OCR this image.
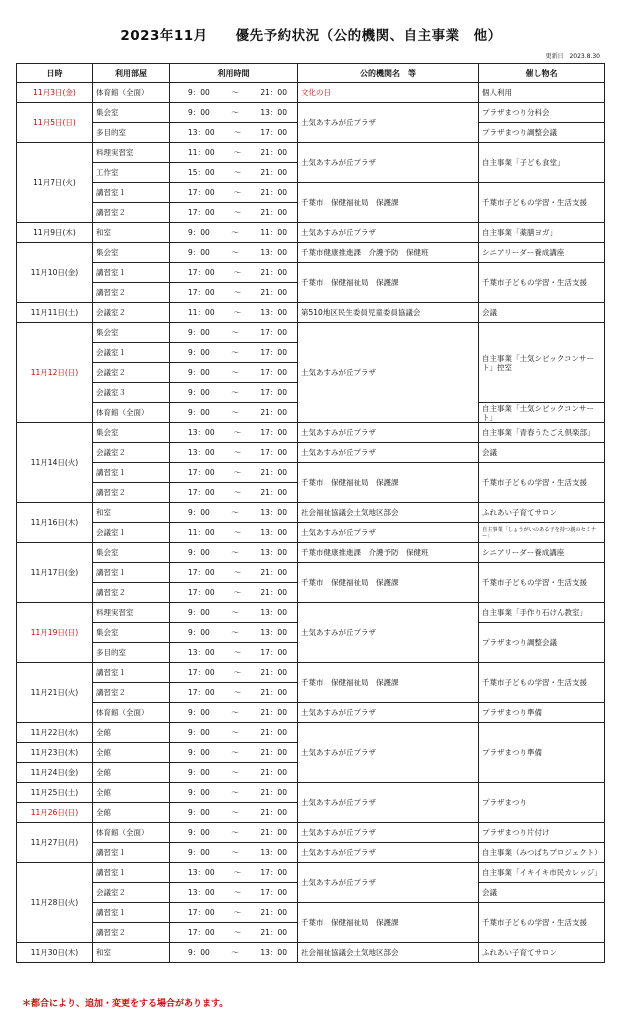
2023年11月　　優先予約状況（公的機関、自主事業　他）
更新日　2023.8.30
日時	利用部屋	利用時間	公的機関名　等	催し物名
11月3日(金)	体育館（全面）	9：00 ～ 21：00	文化の日	個人利用
11月5日(日)	集会室	9：00 ～ 13：00	土気あすみが丘プラザ	プラザまつり分科会
	多目的室	13：00 ～ 17：00		プラザまつり調整会議
11月7日(火)	料理実習室	11：00 ～ 21：00	土気あすみが丘プラザ	自主事業「子ども食堂」
	工作室	15：00 ～ 21：00		

	講習室１	17：00 ～ 21：00	千葉市　保健福祉局　保護課	千葉市子どもの学習・生活支援
	講習室２	17：00 ～ 21：00		

11月9日(木)	和室	9：00 ～ 11：00	土気あすみが丘プラザ	自主事業「薬膳ヨガ」
11月10日(金)	集会室	9：00 ～ 13：00	千葉市健康推進課　介護予防　保健班	シニアリーダー養成講座
	講習室１	17：00 ～ 21：00	千葉市　保健福祉局　保護課	千葉市子どもの学習・生活支援
	講習室２	17：00 ～ 21：00		

11月11日(土)	会議室２	11：00 ～ 13：00	第510地区民生委員児童委員協議会	会議
11月12日(日)	集会室	9：00 ～ 17：00	土気あすみが丘プラザ	自主事業「土気シビックコンサート」控室
	会議室１	9：00 ～ 17：00		

	会議室２	9：00 ～ 17：00		

	会議室３	9：00 ～ 17：00		

	体育館（全面）	9：00 ～ 21：00		自主事業「土気シビックコンサート」
11月14日(火)	集会室	13：00 ～ 17：00	土気あすみが丘プラザ	自主事業「青春うたごえ倶楽部」
	会議室２	13：00 ～ 17：00	土気あすみが丘プラザ	会議
	講習室１	17：00 ～ 21：00	千葉市　保健福祉局　保護課	千葉市子どもの学習・生活支援
	講習室２	17：00 ～ 21：00		

11月16日(木)	和室	9：00 ～ 13：00	社会福祉協議会土気地区部会	ふれあい子育てサロン
	会議室１	11：00 ～ 13：00	土気あすみが丘プラザ	自主事業「しょうがいのある子を持つ親のセミナー」
11月17日(金)	集会室	9：00 ～ 13：00	千葉市健康推進課　介護予防　保健班	シニアリーダー養成講座
	講習室１	17：00 ～ 21：00	千葉市　保健福祉局　保護課	千葉市子どもの学習・生活支援
	講習室２	17：00 ～ 21：00		

11月19日(日)	料理実習室	9：00 ～ 13：00	土気あすみが丘プラザ	自主事業「手作り石けん教室」
	集会室	9：00 ～ 13：00		プラザまつり調整会議
	多目的室	13：00 ～ 17：00		

11月21日(火)	講習室１	17：00 ～ 21：00	千葉市　保健福祉局　保護課	千葉市子どもの学習・生活支援
	講習室２	17：00 ～ 21：00		

	体育館（全面）	9：00 ～ 21：00	土気あすみが丘プラザ	プラザまつり準備
11月22日(水)	全館	9：00 ～ 21：00	土気あすみが丘プラザ	プラザまつり準備
11月23日(木)	全館	9：00 ～ 21：00		

11月24日(金)	全館	9：00 ～ 21：00		

11月25日(土)	全館	9：00 ～ 21：00	土気あすみが丘プラザ	プラザまつり
11月26日(日)	全館	9：00 ～ 21：00		

11月27日(月)	体育館（全面）	9：00 ～ 21：00	土気あすみが丘プラザ	プラザまつり片付け
	講習室１	9：00 ～ 13：00	土気あすみが丘プラザ	自主事業（みつばちプロジェクト）
11月28日(火)	講習室１	13：00 ～ 17：00	土気あすみが丘プラザ	自主事業「イキイキ市民カレッジ」
	会議室２	13：00 ～ 17：00		会議
	講習室１	17：00 ～ 21：00	千葉市　保健福祉局　保護課	千葉市子どもの学習・生活支援
	講習室２	17：00 ～ 21：00		

11月30日(木)	和室	9：00 ～ 13：00	社会福祉協議会土気地区部会	ふれあい子育てサロン
＊都合により、追加・変更をする場合があります。
